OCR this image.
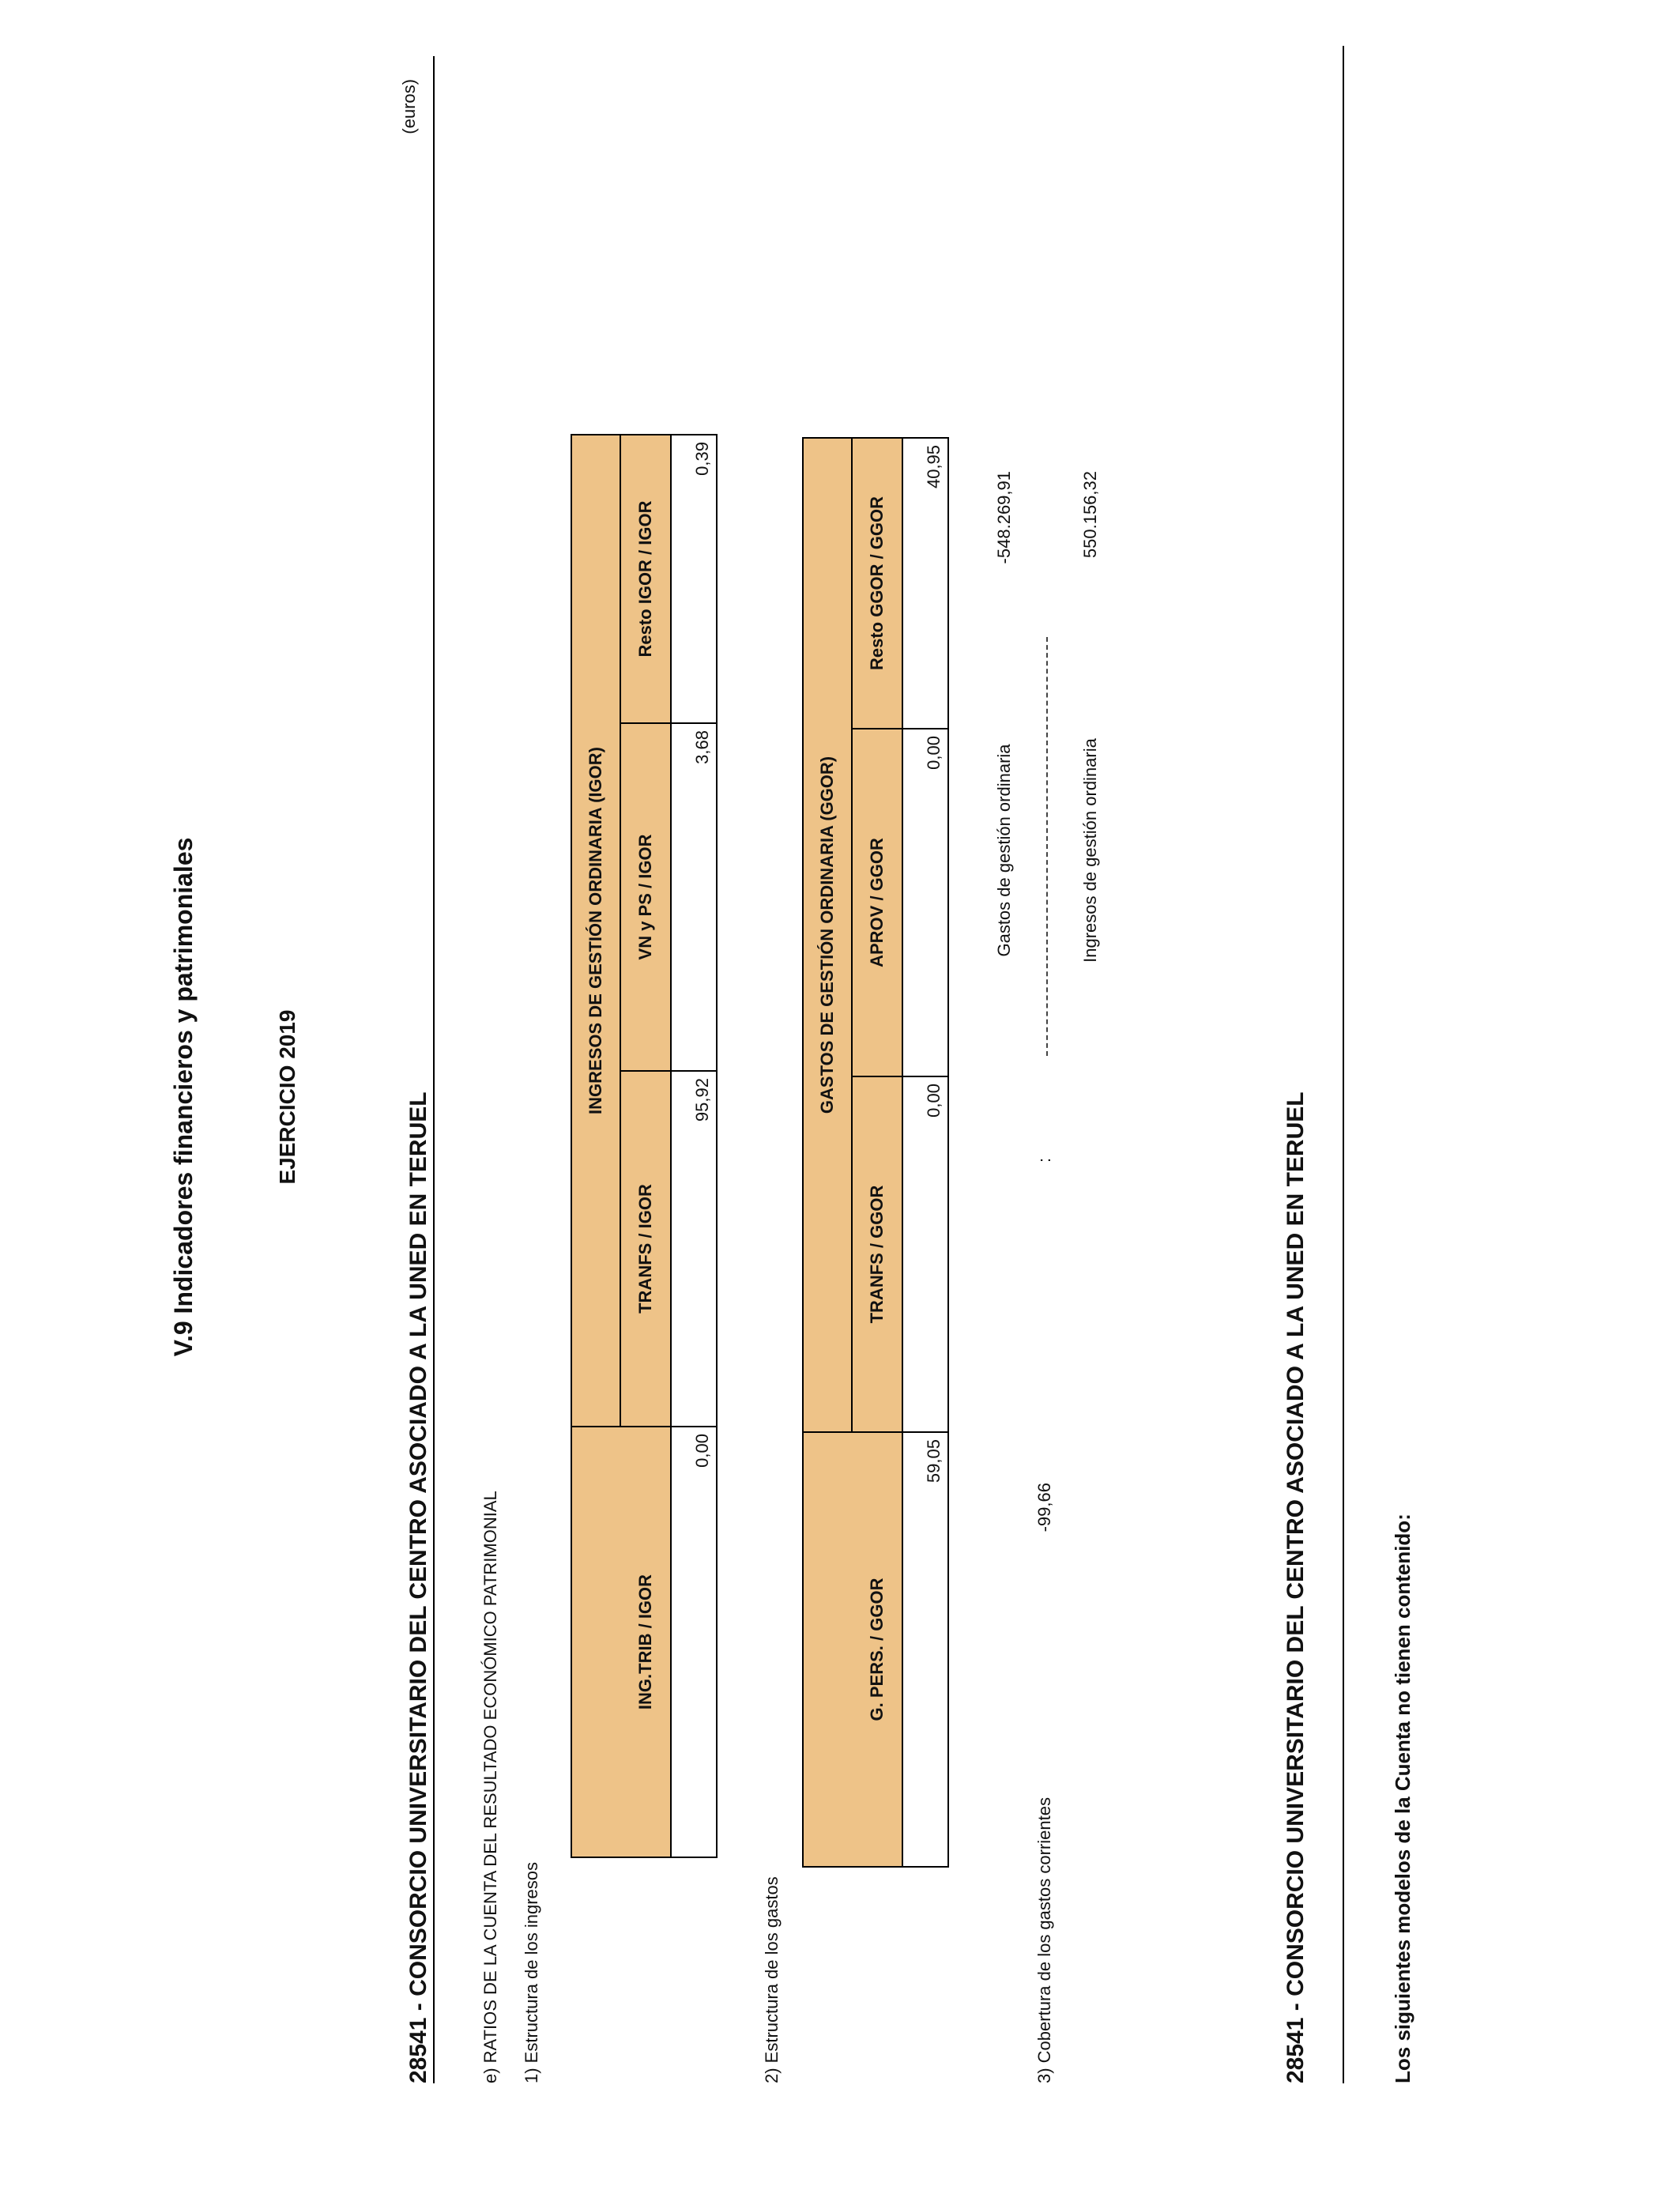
V.9 Indicadores financieros y patrimoniales	EJERCICIO 2019	28541 - CONSORCIO UNIVERSITARIO DEL CENTRO ASOCIADO A LA UNED EN TERUEL
(euros)
e) RATIOS DE LA CUENTA DEL RESULTADO ECONÓMICO PATRIMONIAL 1) Estructura de los ingresos
ING.TRIB / IGOR	INGRESOS DE GESTIÓN ORDINARIA (IGOR)		
	TRANFS / IGOR	VN y PS / IGOR	Resto IGOR / IGOR
0,00	95,92	3,68	0,39
2) Estructura de los gastos
G. PERS. / GGOR	GASTOS DE GESTIÓN ORDINARIA (GGOR)		
	TRANFS / GGOR	APROV / GGOR	Resto GGOR / GGOR
59,05	0,00	0,00	40,95
3) Cobertura de los gastos corrientes
-99,66
:
Gastos de gestión ordinaria	Ingresos de gestión ordinaria
-548.269,91	550.156,32
28541 - CONSORCIO UNIVERSITARIO DEL CENTRO ASOCIADO A LA UNED EN TERUEL	Los siguientes modelos de la Cuenta no tienen contenido:
